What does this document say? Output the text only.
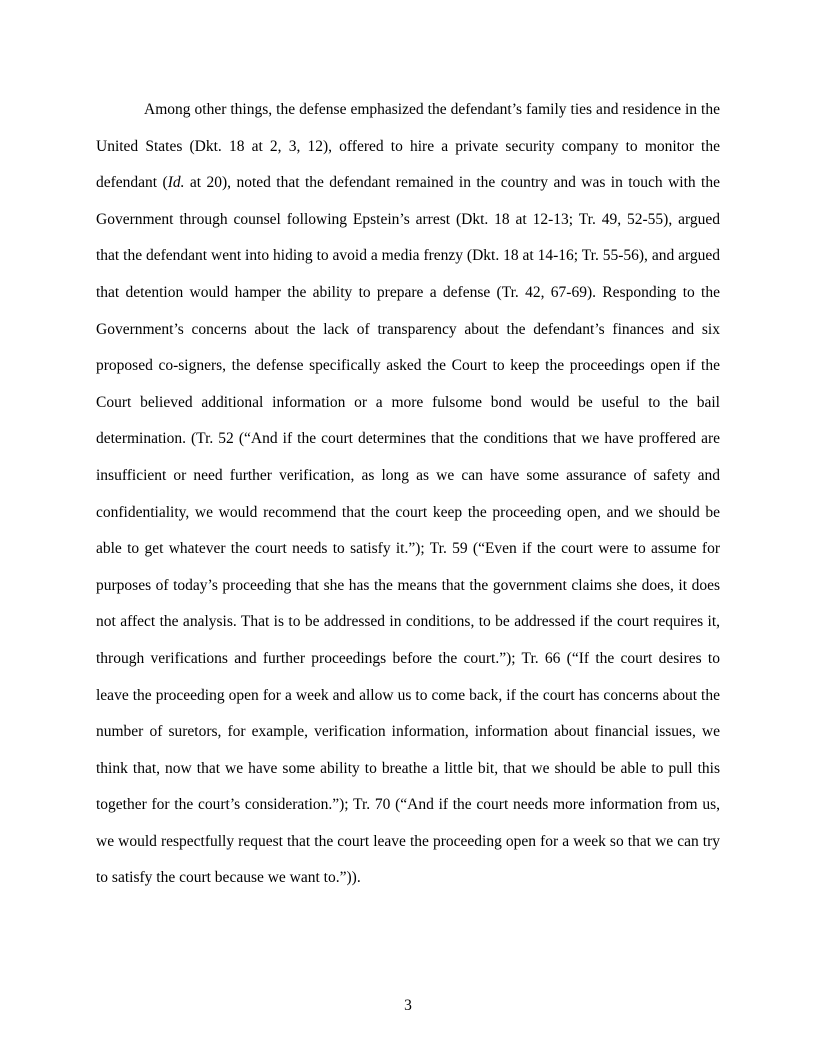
Among other things, the defense emphasized the defendant’s family ties and residence in the United States (Dkt. 18 at 2, 3, 12), offered to hire a private security company to monitor the defendant (Id. at 20), noted that the defendant remained in the country and was in touch with the Government through counsel following Epstein’s arrest (Dkt. 18 at 12-13; Tr. 49, 52-55), argued that the defendant went into hiding to avoid a media frenzy (Dkt. 18 at 14-16; Tr. 55-56), and argued that detention would hamper the ability to prepare a defense (Tr. 42, 67-69). Responding to the Government’s concerns about the lack of transparency about the defendant’s finances and six proposed co-signers, the defense specifically asked the Court to keep the proceedings open if the Court believed additional information or a more fulsome bond would be useful to the bail determination. (Tr. 52 (“And if the court determines that the conditions that we have proffered are insufficient or need further verification, as long as we can have some assurance of safety and confidentiality, we would recommend that the court keep the proceeding open, and we should be able to get whatever the court needs to satisfy it.”); Tr. 59 (“Even if the court were to assume for purposes of today’s proceeding that she has the means that the government claims she does, it does not affect the analysis. That is to be addressed in conditions, to be addressed if the court requires it, through verifications and further proceedings before the court.”); Tr. 66 (“If the court desires to leave the proceeding open for a week and allow us to come back, if the court has concerns about the number of suretors, for example, verification information, information about financial issues, we think that, now that we have some ability to breathe a little bit, that we should be able to pull this together for the court’s consideration.”); Tr. 70 (“And if the court needs more information from us, we would respectfully request that the court leave the proceeding open for a week so that we can try to satisfy the court because we want to.”)).

3
